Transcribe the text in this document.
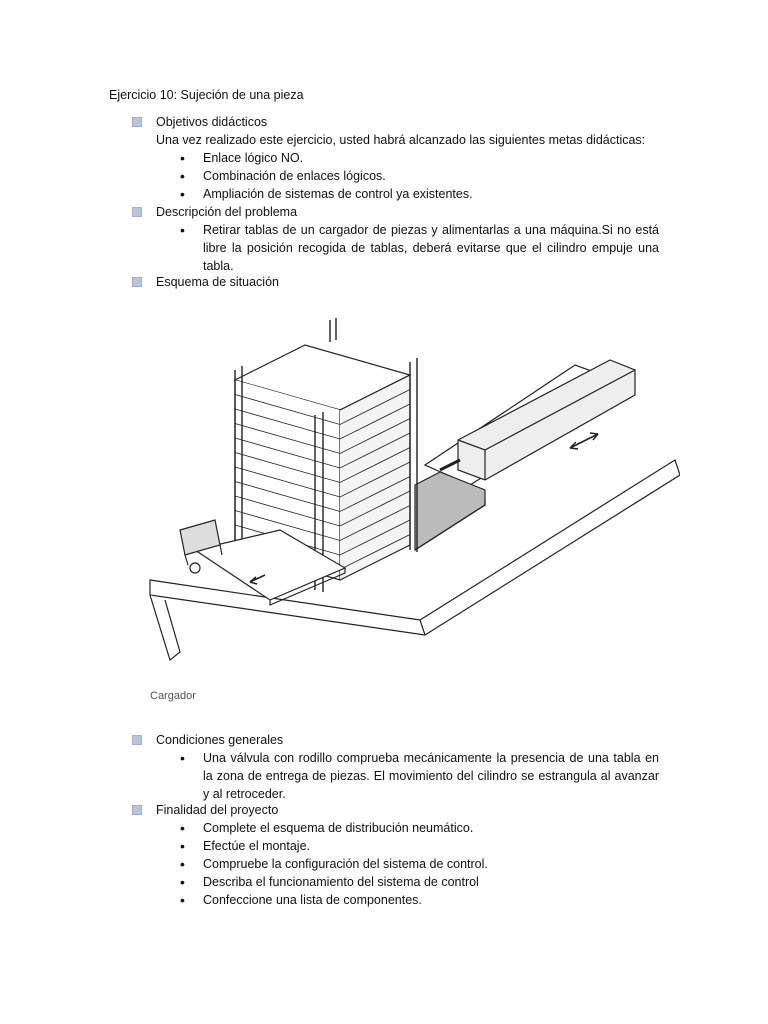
Ejercicio 10: Sujeción de una pieza
Objetivos didácticos
Una vez realizado este ejercicio, usted habrá alcanzado las siguientes metas didácticas:
• Enlace lógico NO.
• Combinación de enlaces lógicos.
• Ampliación de sistemas de control ya existentes.
Descripción del problema
• Retirar tablas de un cargador de piezas y alimentarlas a una máquina.Si no está libre la posición recogida de tablas, deberá evitarse que el cilindro empuje una tabla.
Esquema de situación
Cargador
Condiciones generales
• Una válvula con rodillo comprueba mecánicamente la presencia de una tabla en la zona de entrega de piezas. El movimiento del cilindro se estrangula al avanzar y al retroceder.
Finalidad del proyecto
• Complete el esquema de distribución neumático.
• Efectúe el montaje.
• Compruebe la configuración del sistema de control.
• Describa el funcionamiento del sistema de control
• Confeccione una lista de componentes.
